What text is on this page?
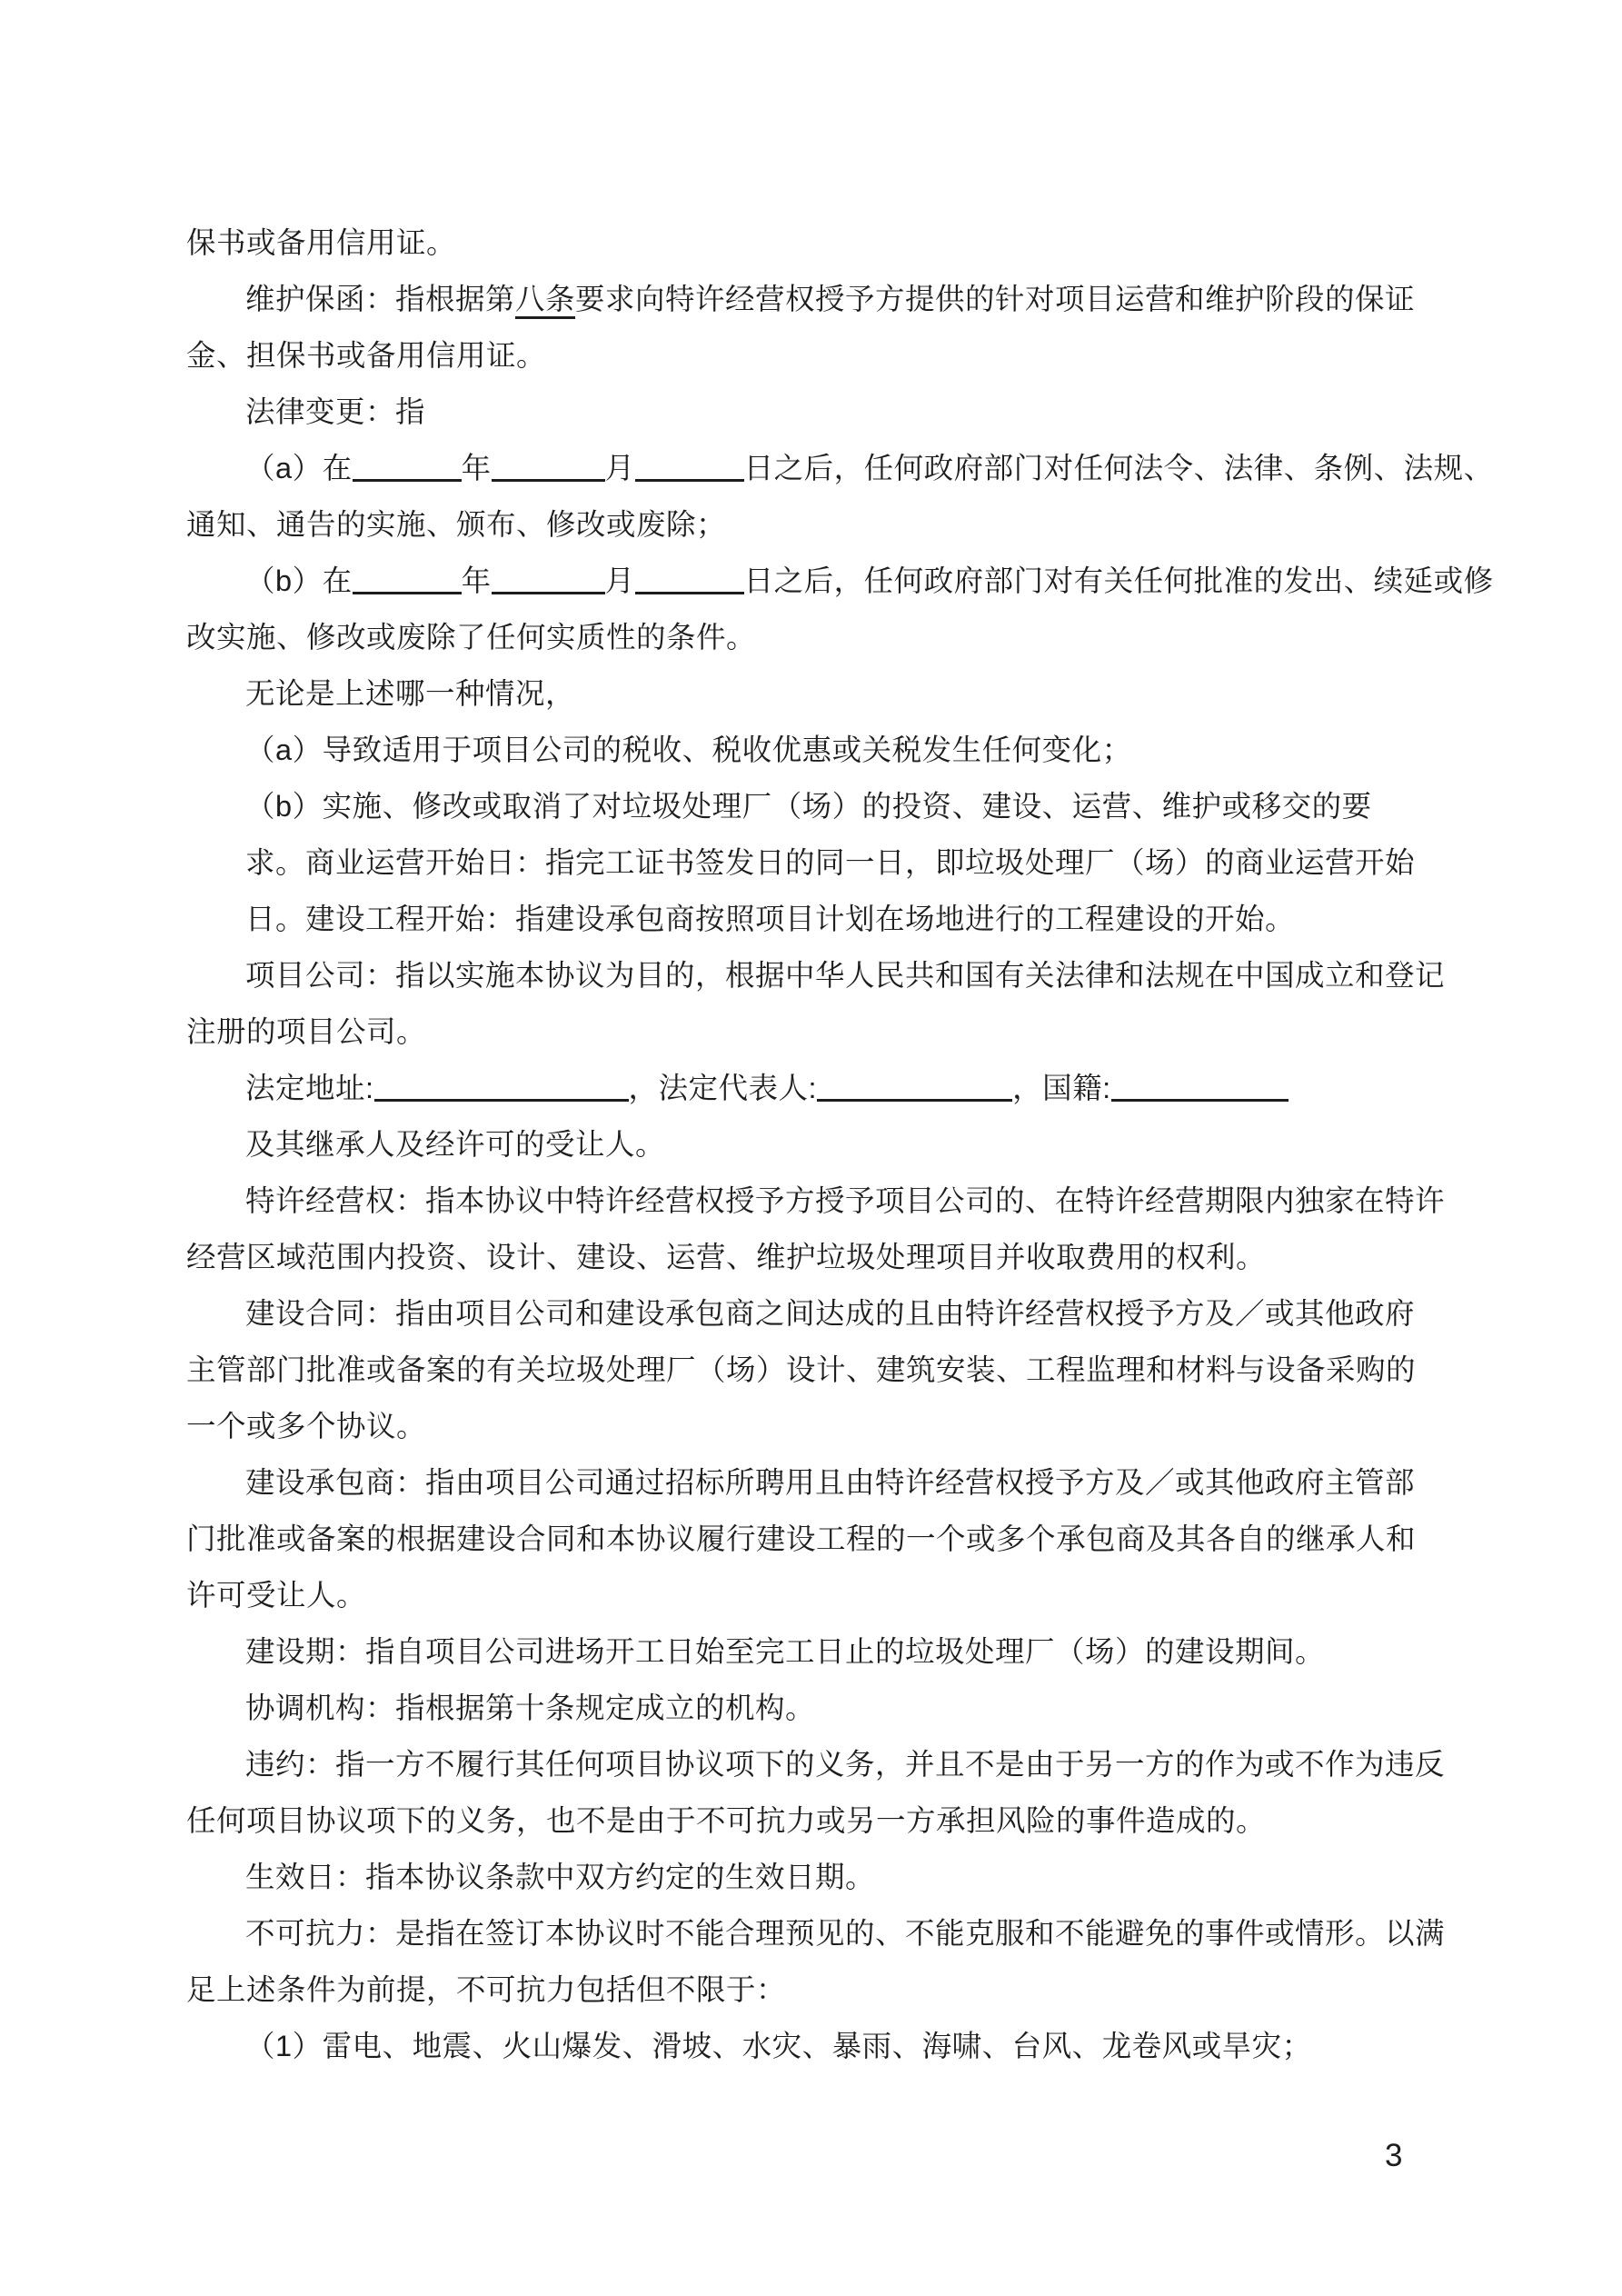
保书或备用信用证。
维护保函：指根据第八条要求向特许经营权授予方提供的针对项目运营和维护阶段的保证
金、担保书或备用信用证。
法律变更：指
（a）在	年	月	日之后，任何政府部门对任何法令、法律、条例、法规、
通知、通告的实施、颁布、修改或废除；
（b）在	年	月	日之后，任何政府部门对有关任何批准的发出、续延或修
改实施、修改或废除了任何实质性的条件。
无论是上述哪一种情况，
（a）导致适用于项目公司的税收、税收优惠或关税发生任何变化；
（b）实施、修改或取消了对垃圾处理厂（场）的投资、建设、运营、维护或移交的要
求。商业运营开始日：指完工证书签发日的同一日，即垃圾处理厂（场）的商业运营开始
日。建设工程开始：指建设承包商按照项目计划在场地进行的工程建设的开始。
项目公司：指以实施本协议为目的，根据中华人民共和国有关法律和法规在中国成立和登记
注册的项目公司。
法定地址:	，法定代表人:	，国籍:
及其继承人及经许可的受让人。
特许经营权：指本协议中特许经营权授予方授予项目公司的、在特许经营期限内独家在特许
经营区域范围内投资、设计、建设、运营、维护垃圾处理项目并收取费用的权利。
建设合同：指由项目公司和建设承包商之间达成的且由特许经营权授予方及／或其他政府
主管部门批准或备案的有关垃圾处理厂（场）设计、建筑安装、工程监理和材料与设备采购的
一个或多个协议。
建设承包商：指由项目公司通过招标所聘用且由特许经营权授予方及／或其他政府主管部
门批准或备案的根据建设合同和本协议履行建设工程的一个或多个承包商及其各自的继承人和
许可受让人。
建设期：指自项目公司进场开工日始至完工日止的垃圾处理厂（场）的建设期间。
协调机构：指根据第十条规定成立的机构。
违约：指一方不履行其任何项目协议项下的义务，并且不是由于另一方的作为或不作为违反
任何项目协议项下的义务，也不是由于不可抗力或另一方承担风险的事件造成的。
生效日：指本协议条款中双方约定的生效日期。
不可抗力：是指在签订本协议时不能合理预见的、不能克服和不能避免的事件或情形。以满
足上述条件为前提，不可抗力包括但不限于：
（1）雷电、地震、火山爆发、滑坡、水灾、暴雨、海啸、台风、龙卷风或旱灾；
3
